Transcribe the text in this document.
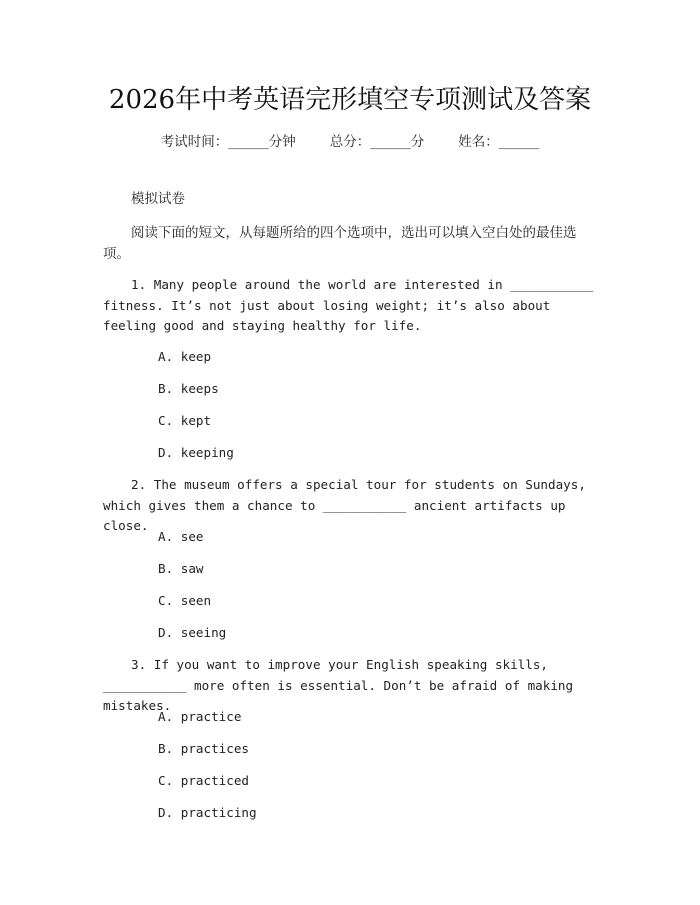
2026年中考英语完形填空专项测试及答案
考试时间：______分钟	总分：______分	姓名：______
模拟试卷
阅读下面的短文，从每题所给的四个选项中，选出可以填入空白处的最佳选项。
1. Many people around the world are interested in ___________ fitness. It’s not just about losing weight; it’s also about feeling good and staying healthy for life.
A. keep
B. keeps
C. kept
D. keeping
2. The museum offers a special tour for students on Sundays, which gives them a chance to ___________ ancient artifacts up close.
A. see
B. saw
C. seen
D. seeing
3. If you want to improve your English speaking skills, ___________ more often is essential. Don’t be afraid of making mistakes.
A. practice
B. practices
C. practiced
D. practicing
